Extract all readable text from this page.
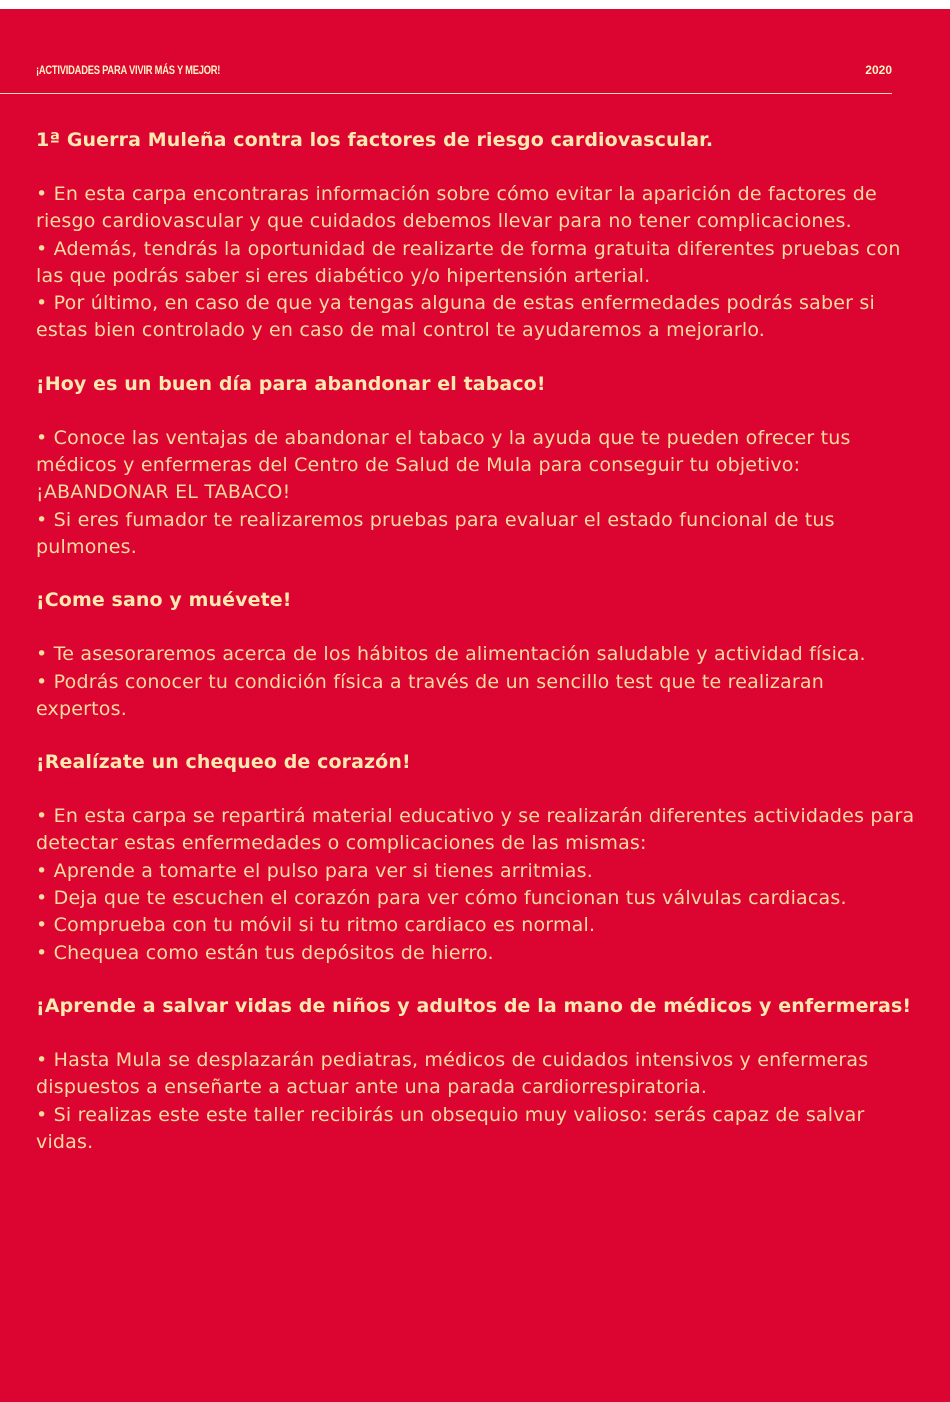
¡ACTIVIDADES PARA VIVIR MÁS Y MEJOR!	2020
1ª Guerra Muleña contra los factores de riesgo cardiovascular.
• En esta carpa encontraras información sobre cómo evitar la aparición de factores de riesgo cardiovascular y que cuidados debemos llevar para no tener complicaciones.
• Además, tendrás la oportunidad de realizarte de forma gratuita diferentes pruebas con las que podrás saber si eres diabético y/o hipertensión arterial.
• Por último, en caso de que ya tengas alguna de estas enfermedades podrás saber si estas bien controlado y en caso de mal control te ayudaremos a mejorarlo.
¡Hoy es un buen día para abandonar el tabaco!
• Conoce las ventajas de abandonar el tabaco y la ayuda que te pueden ofrecer tus médicos y enfermeras del Centro de Salud de Mula para conseguir tu objetivo: ¡ABANDONAR EL TABACO!
• Si eres fumador te realizaremos pruebas para evaluar el estado funcional de tus pulmones.
¡Come sano y muévete!
• Te asesoraremos acerca de los hábitos de alimentación saludable y actividad física.
• Podrás conocer tu condición física a través de un sencillo test que te realizaran expertos.
¡Realízate un chequeo de corazón!
• En esta carpa se repartirá material educativo y se realizarán diferentes actividades para detectar estas enfermedades o complicaciones de las mismas:
• Aprende a tomarte el pulso para ver si tienes arritmias.
• Deja que te escuchen el corazón para ver cómo funcionan tus válvulas cardiacas.
• Comprueba con tu móvil si tu ritmo cardiaco es normal.
• Chequea como están tus depósitos de hierro.
¡Aprende a salvar vidas de niños y adultos de la mano de médicos y enfermeras!
• Hasta Mula se desplazarán pediatras, médicos de cuidados intensivos y enfermeras dispuestos a enseñarte a actuar ante una parada cardiorrespiratoria.
• Si realizas este este taller recibirás un obsequio muy valioso: serás capaz de salvar vidas.
